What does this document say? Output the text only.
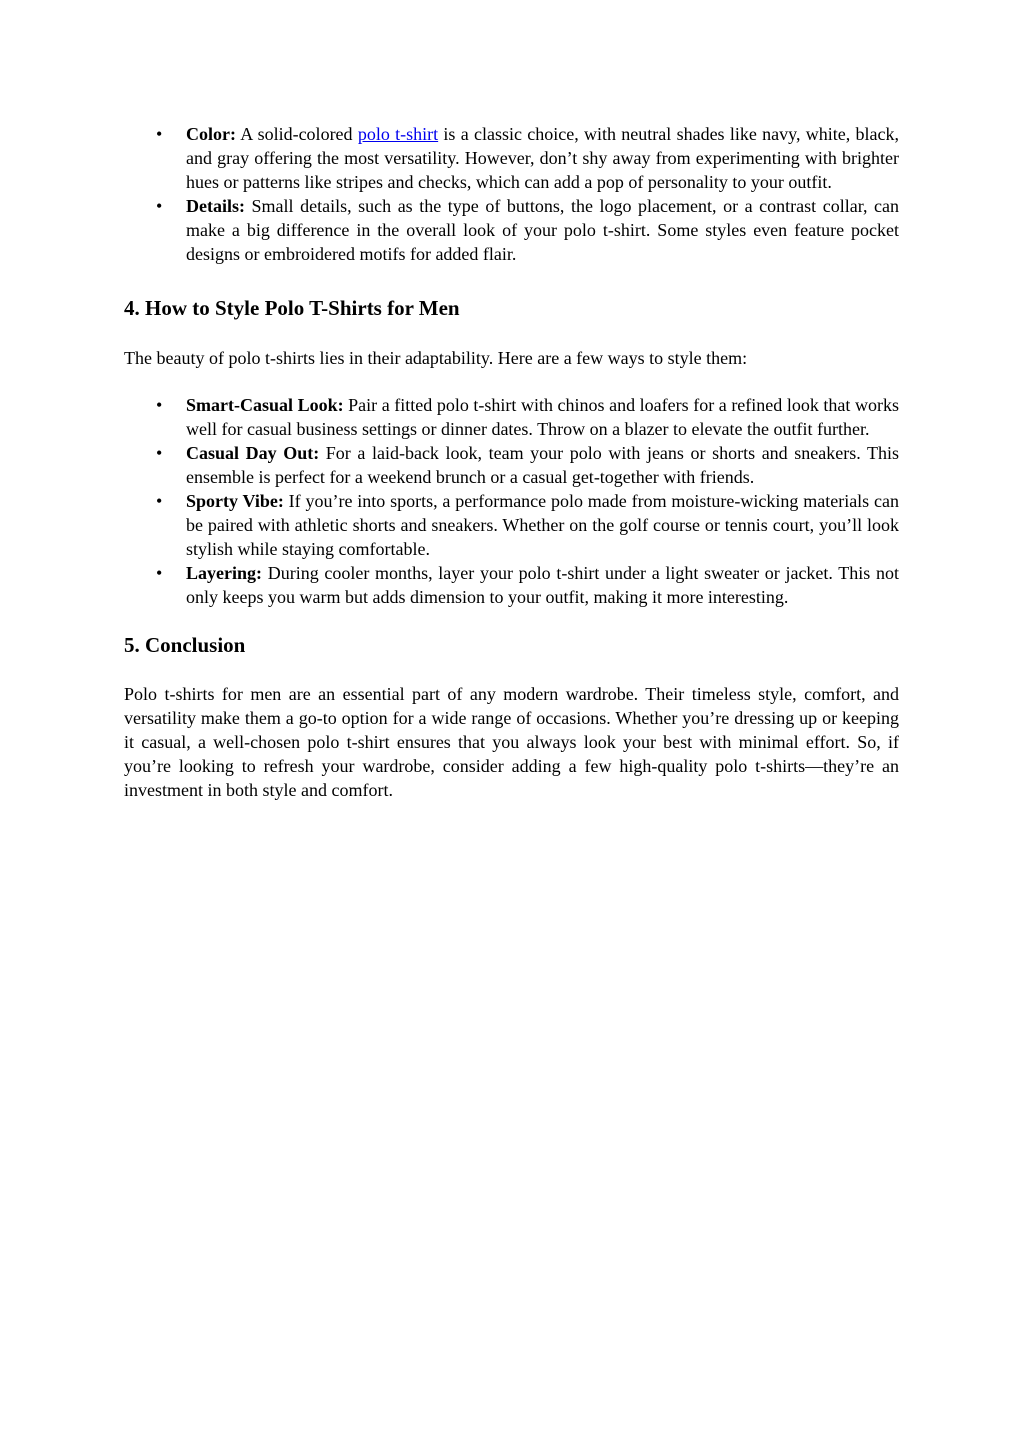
• Color: A solid-colored polo t-shirt is a classic choice, with neutral shades like navy, white, black, and gray offering the most versatility. However, don’t shy away from experimenting with brighter hues or patterns like stripes and checks, which can add a pop of personality to your outfit.
• Details: Small details, such as the type of buttons, the logo placement, or a contrast collar, can make a big difference in the overall look of your polo t-shirt. Some styles even feature pocket designs or embroidered motifs for added flair.
4. How to Style Polo T-Shirts for Men

The beauty of polo t-shirts lies in their adaptability. Here are a few ways to style them:

• Smart-Casual Look: Pair a fitted polo t-shirt with chinos and loafers for a refined look that works well for casual business settings or dinner dates. Throw on a blazer to elevate the outfit further.
• Casual Day Out: For a laid-back look, team your polo with jeans or shorts and sneakers. This ensemble is perfect for a weekend brunch or a casual get-together with friends.
• Sporty Vibe: If you’re into sports, a performance polo made from moisture-wicking materials can be paired with athletic shorts and sneakers. Whether on the golf course or tennis court, you’ll look stylish while staying comfortable.
• Layering: During cooler months, layer your polo t-shirt under a light sweater or jacket. This not only keeps you warm but adds dimension to your outfit, making it more interesting.
5. Conclusion

Polo t-shirts for men are an essential part of any modern wardrobe. Their timeless style, comfort, and versatility make them a go-to option for a wide range of occasions. Whether you’re dressing up or keeping it casual, a well-chosen polo t-shirt ensures that you always look your best with minimal effort. So, if you’re looking to refresh your wardrobe, consider adding a few high-quality polo t-shirts—they’re an investment in both style and comfort.
